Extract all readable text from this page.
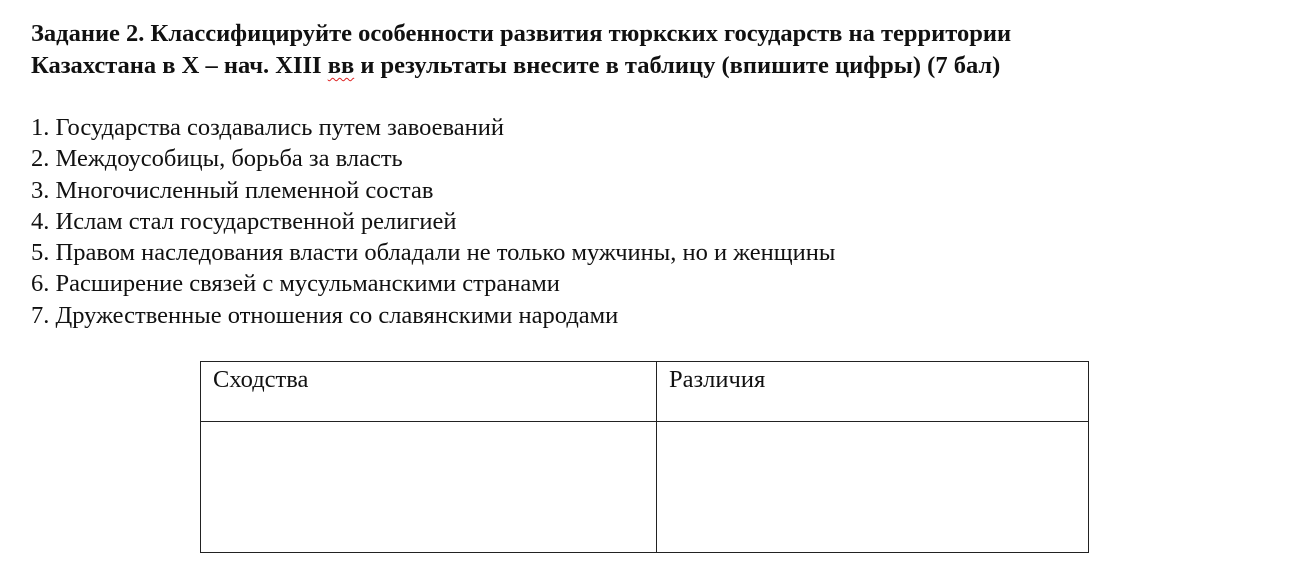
Задание 2. Классифицируйте особенности развития тюркских государств на территории
Казахстана в X – нач. XIII вв и результаты внесите в таблицу (впишите цифры) (7 бал)
1. Государства создавались путем завоеваний
2. Междоусобицы, борьба за власть
3. Многочисленный племенной состав
4. Ислам стал государственной религией
5. Правом наследования власти обладали не только мужчины, но и женщины
6. Расширение связей с мусульманскими странами
7. Дружественные отношения со славянскими народами
Сходства	Различия
